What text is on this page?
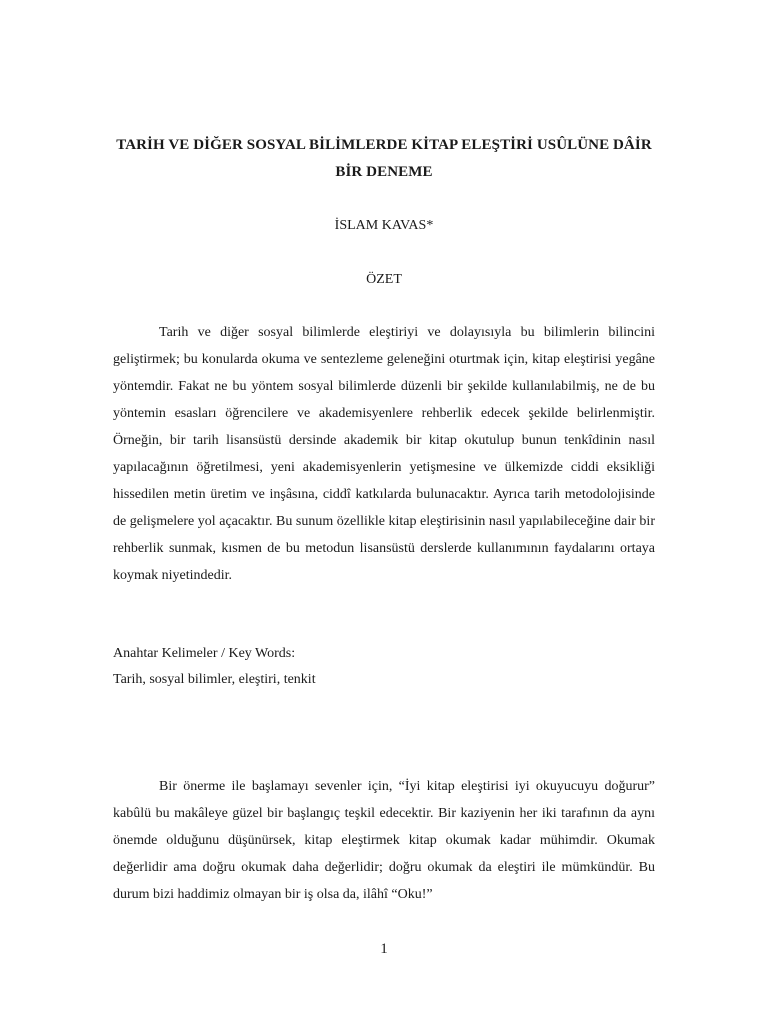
TARİH VE DİĞER SOSYAL BİLİMLERDE KİTAP ELEŞTİRİ USÛLÜNE DÂİR
BİR DENEME
İSLAM KAVAS*
ÖZET

Tarih ve diğer sosyal bilimlerde eleştiriyi ve dolayısıyla bu bilimlerin bilincini geliştirmek; bu konularda okuma ve sentezleme geleneğini oturtmak için, kitap eleştirisi yegâne yöntemdir. Fakat ne bu yöntem sosyal bilimlerde düzenli bir şekilde kullanılabilmiş, ne de bu yöntemin esasları öğrencilere ve akademisyenlere rehberlik edecek şekilde belirlenmiştir. Örneğin, bir tarih lisansüstü dersinde akademik bir kitap okutulup bunun tenkîdinin nasıl yapılacağının öğretilmesi, yeni akademisyenlerin yetişmesine ve ülkemizde ciddi eksikliği hissedilen metin üretim ve inşâsına, ciddî katkılarda bulunacaktır. Ayrıca tarih metodolojisinde de gelişmelere yol açacaktır. Bu sunum özellikle kitap eleştirisinin nasıl yapılabileceğine dair bir rehberlik sunmak, kısmen de bu metodun lisansüstü derslerde kullanımının faydalarını ortaya koymak niyetindedir.

Anahtar Kelimeler / Key Words:
Tarih, sosyal bilimler, eleştiri, tenkit

Bir önerme ile başlamayı sevenler için, “İyi kitap eleştirisi iyi okuyucuyu doğurur” kabûlü bu makâleye güzel bir başlangıç teşkil edecektir. Bir kaziyenin her iki tarafının da aynı önemde olduğunu düşünürsek, kitap eleştirmek kitap okumak kadar mühimdir. Okumak değerlidir ama doğru okumak daha değerlidir; doğru okumak da eleştiri ile mümkündür. Bu durum bizi haddimiz olmayan bir iş olsa da, ilâhî “Oku!”

1
